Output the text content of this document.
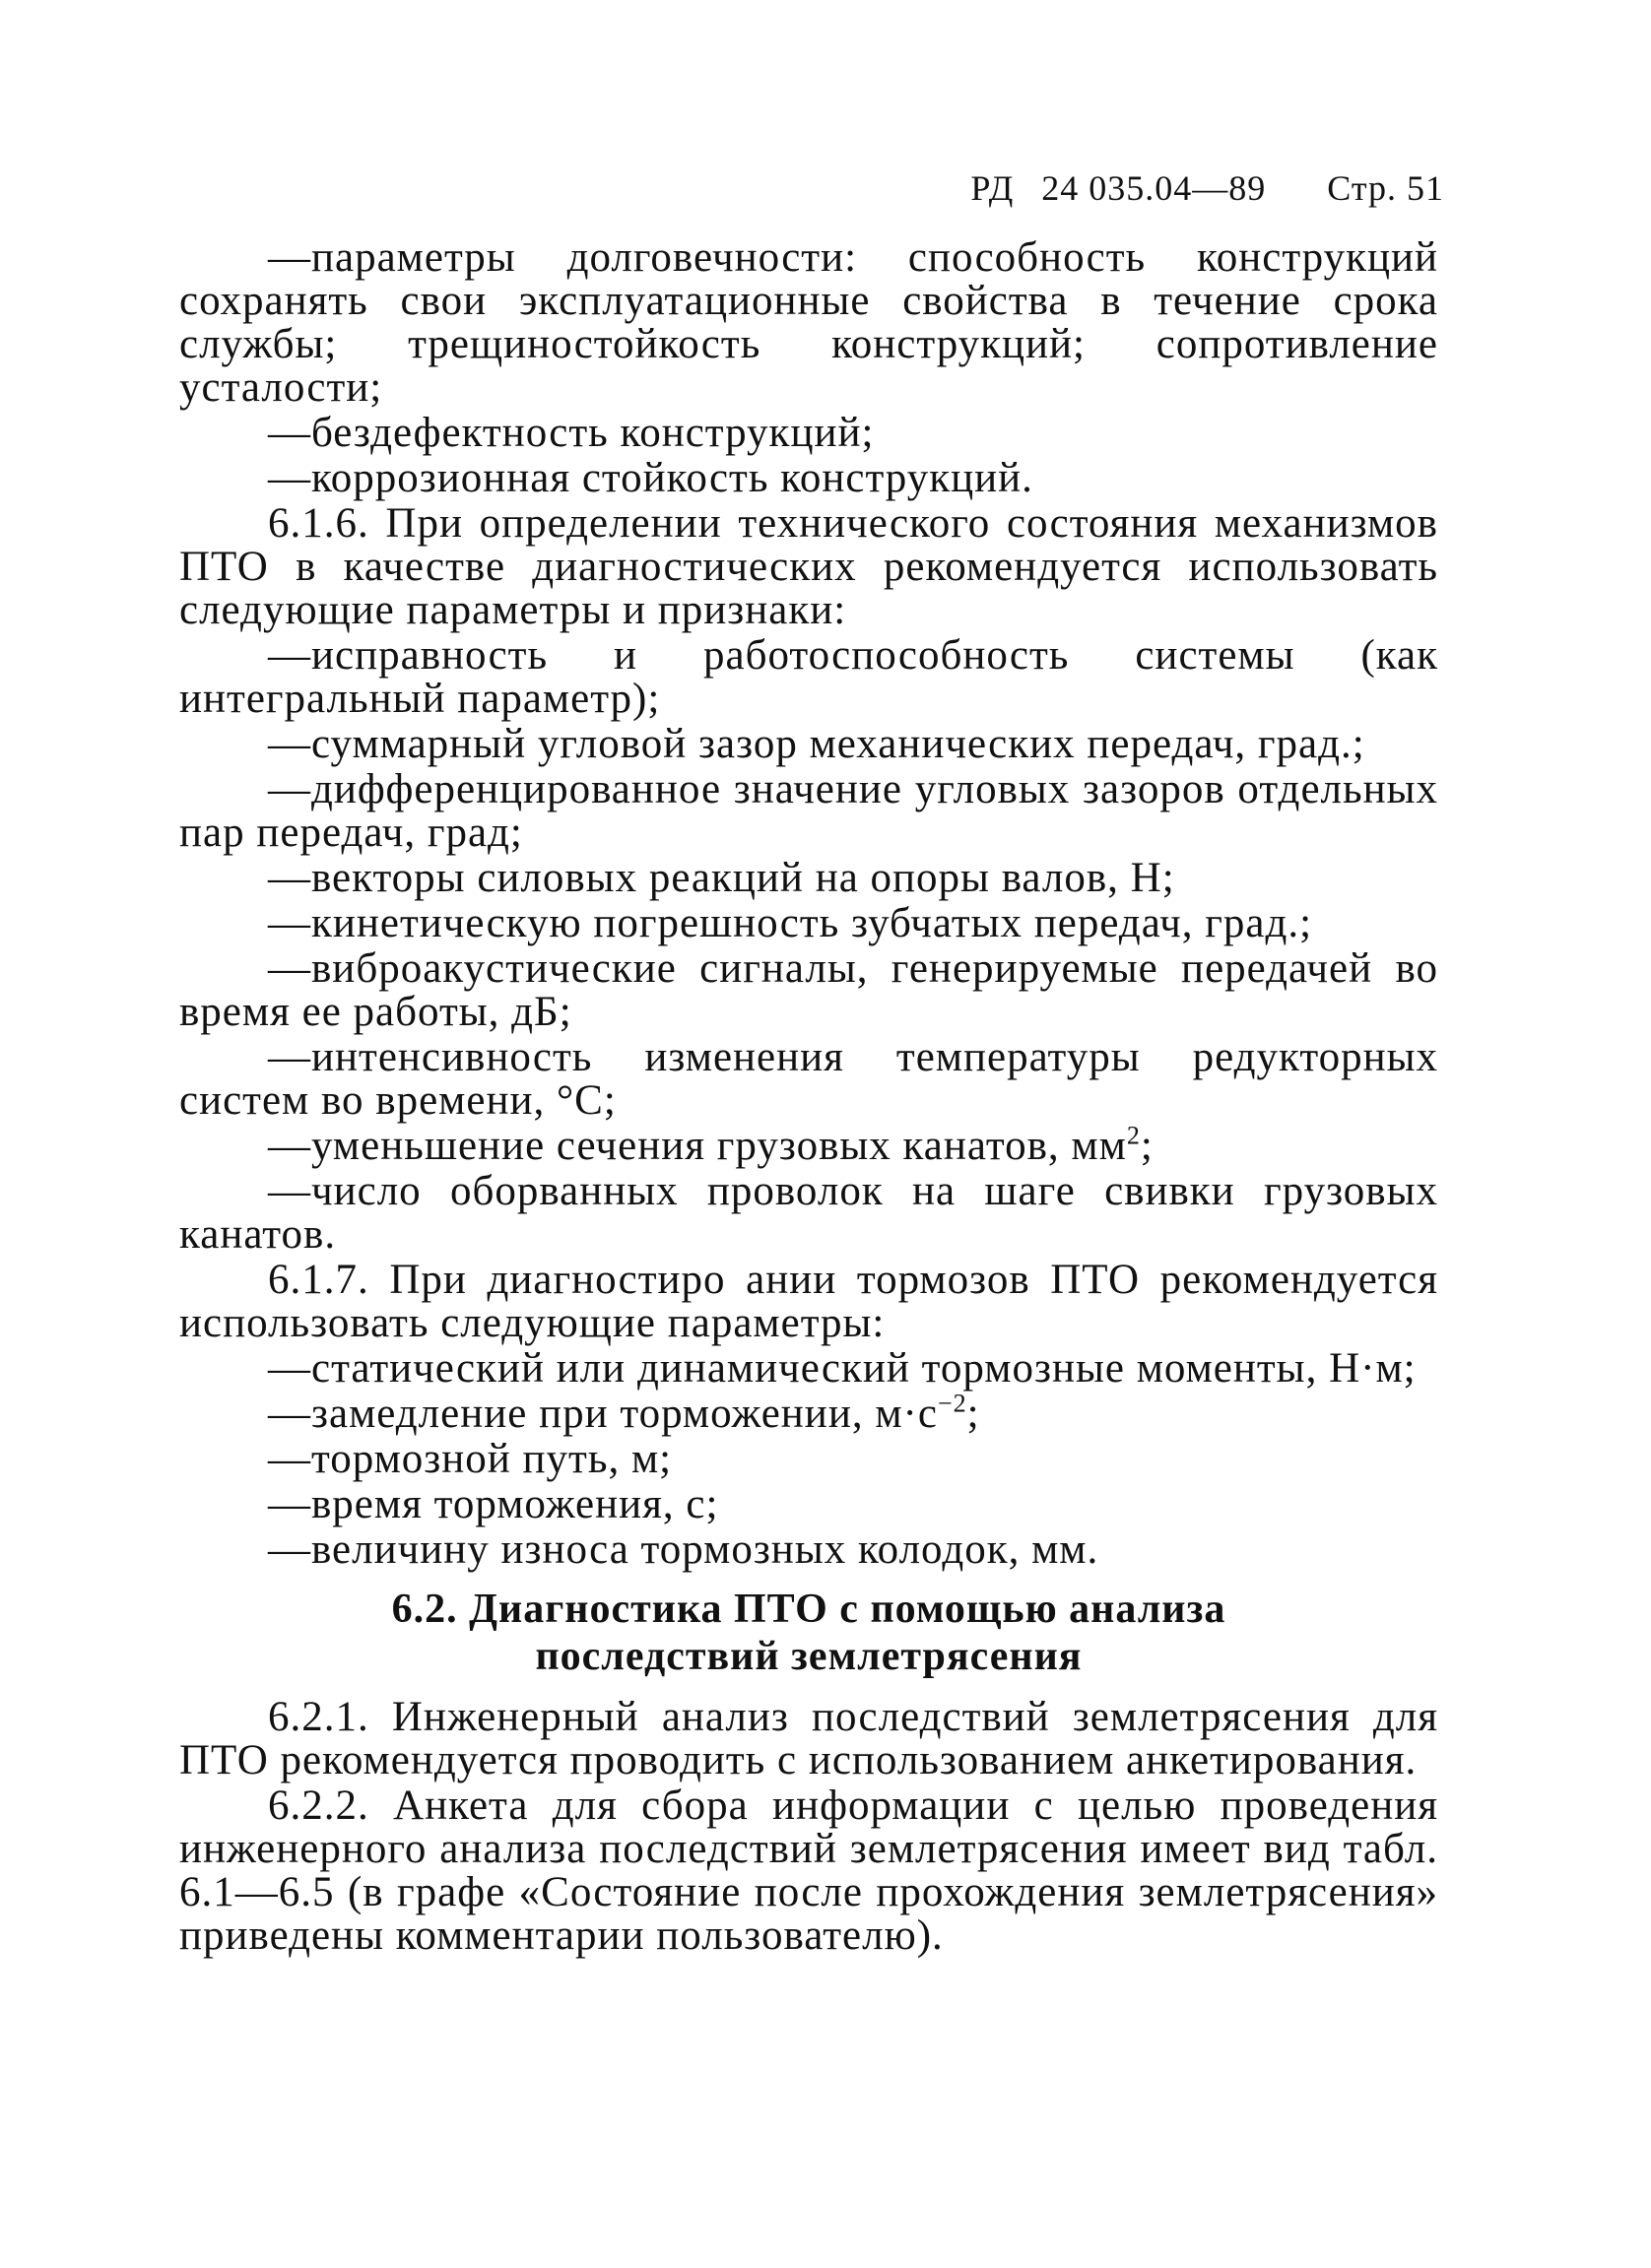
РД 24 035.04—89 Стр. 51

—параметры долговечности: способность конструкций сохранять свои эксплуатационные свойства в течение срока службы; трещиностойкость конструкций; сопротивление усталости;

—бездефектность конструкций;

—коррозионная стойкость конструкций.

6.1.6. При определении технического состояния механизмов ПТО в качестве диагностических рекомендуется использовать следующие параметры и признаки:

—исправность и работоспособность системы (как интегральный параметр);

—суммарный угловой зазор механических передач, град.;

—дифференцированное значение угловых зазоров отдельных пар передач, град;

—векторы силовых реакций на опоры валов, Н;

—кинетическую погрешность зубчатых передач, град.;

—виброакустические сигналы, генерируемые передачей во время ее работы, дБ;

—интенсивность изменения температуры редукторных систем во времени, °С;

—уменьшение сечения грузовых канатов, $мм^2$;

—число оборванных проволок на шаге свивки грузовых канатов.

6.1.7. При диагностиро ании тормозов ПТО рекомендуется использовать следующие параметры:

—статический или динамический тормозные моменты, Н·м;

—замедление при торможении, $м\cdot с^{-2}$;

—тормозной путь, м;

—время торможения, с;

—величину износа тормозных колодок, мм.

6.2. Диагностика ПТО с помощью анализа
последствий землетрясения

6.2.1. Инженерный анализ последствий землетрясения для ПТО рекомендуется проводить с использованием анкетирования.

6.2.2. Анкета для сбора информации с целью проведения инженерного анализа последствий землетрясения имеет вид табл. 6.1—6.5 (в графе «Состояние после прохождения землетрясения» приведены комментарии пользователю).
